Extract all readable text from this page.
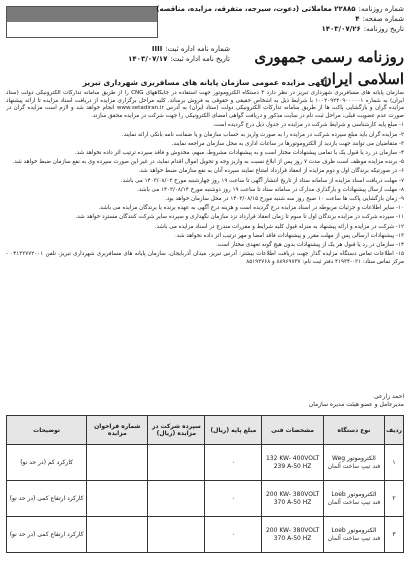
شماره روزنامه:۲۲۸۸۵ معاملاتی (دعوت، سیرجه، متفرقه، مزایده، مناقصه)
شماره صفحه:۴
تاریخ روزنامه:۱۴۰۳/۰۷/۲۶
شماره نامه اداره ثبت:IIII
تاریخ نامه اداره ثبت:۱۴۰۳/۰۷/۱۷	روزنامه رسمی جمهوری اسلامی ایران
آگهی مزایده عمومی سازمان پایانه های مسافربری شهرداری تبریز

سازمان پایانه های مسافربری شهرداری تبریز در نظر دارد ۳ دستگاه الکتروموتور جهت استفاده در جایگاههای CNG را از طریق سامانه تدارکات الکترونیکی دولت (ستاد ایران) به شماره ۱۰۰۲۰۹۲۴۰۹۰۰۰۰۰۱ با شرایط ذیل به اشخاص حقیقی و حقوقی به فروش برساند. کلیه مراحل برگزاری مزایده از دریافت اسناد مزایده تا ارائه پیشنهاد مزایده گران و بازگشایی پاکت ها از طریق سامانه تدارکات الکترونیکی دولت (ستاد ایران) به آدرس www.setadiran.ir انجام خواهد شد و لازم است مزایده گران در صورت عدم عضویت قبلی، مراحل ثبت نام در سایت مذکور و دریافت گواهی امضای الکترونیکی را جهت شرکت در مزایده محقق سازند.

۱- مبلغ پایه کارشناسی و شرایط شرکت در مزایده در جدول ذیل درج گردیده است.

۲- مزایده گران باید مبلغ سپرده شرکت در مزایده را به صورت واریز به حساب سازمان و یا ضمانت نامه بانکی ارائه نمایند.

۳- متقاضیان می توانند جهت بازدید از الکتروموتورها در ساعات اداری به محل سازمان مراجعه نمایند.

۴- سازمان در رد یا قبول یک یا تمامی پیشنهادات مختار است و به پیشنهادات مشروط، مبهم، مخدوش و فاقد سپرده ترتیب اثر داده نخواهد شد.

۵- برنده مزایده موظف است ظرف مدت ۷ روز پس از ابلاغ نسبت به واریز وجه و تحویل اموال اقدام نماید، در غیر این صورت سپرده وی به نفع سازمان ضبط خواهد شد.

۶- در صورتیکه برندگان اول و دوم مزایده از انعقاد قرارداد امتناع نمایند سپرده آنان به نفع سازمان ضبط خواهد شد.

۷- مهلت دریافت اسناد مزایده از سامانه ستاد از تاریخ انتشار آگهی تا ساعت ۱۹ روز چهارشنبه مورخ ۱۴۰۳/۰۸/۰۲ می باشد.

۸- مهلت ارسال پیشنهادات و بارگذاری مدارک در سامانه ستاد تا ساعت ۱۹ روز دوشنبه مورخ ۱۴۰۳/۰۸/۱۴ می باشد.

۹- زمان بازگشایی پاکت ها ساعت ۱۰ صبح روز سه شنبه مورخ ۱۴۰۳/۰۸/۱۵ در محل سازمان خواهد بود.

۱۰- سایر اطلاعات و جزئیات مربوطه در اسناد مزایده درج گردیده است و هزینه درج آگهی به عهده برنده یا برندگان مزایده می باشد.

۱۱- سپرده شرکت در مزایده برندگان اول تا سوم تا زمان انعقاد قرارداد نزد سازمان نگهداری و سپرده سایر شرکت کنندگان مسترد خواهد شد.

۱۲- شرکت در مزایده و ارائه پیشنهاد به منزله قبول کلیه شرایط و مقررات مندرج در اسناد مزایده می باشد.

۱۳- پیشنهادات ارسالی پس از مهلت مقرر و پیشنهادات فاقد امضا و مهر ترتیب اثر داده نخواهد شد.

۱۴- سازمان در رد یا قبول هر یک از پیشنهادات بدون هیچ گونه تعهدی مختار است.

۱۵- اطلاعات تماس دستگاه مزایده گذار جهت دریافت اطلاعات بیشتر: آدرس تبریز، میدان آذربایجان، سازمان پایانه های مسافربری شهرداری تبریز، تلفن ۰۴۱۳۲۷۷۲۰۰۱ - مرکز تماس ستاد: ۰۲۱-۴۱۹۳۴ دفتر ثبت نام: ۸۸۹۶۹۷۳۷ و ۸۵۱۹۳۷۶۸

احمد زارعی
مدیرعامل و عضو هیئت مدیره سازمان
ردیف	نوع دستگاه	مشخصات فنی	مبلغ پایه (ریال)	سپرده شرکت در مزایده (ریال)	شماره فراخوان مزایده	توضیحات
۱	الکتروموتور Weg
فند تیپ ساخت آلمان	132 KW- 400VOLT 239 A-50 HZ	۰			کارکرد کم (در حد نو)
۲	الکتروموتور Loeb
فند تیپ ساخت آلمان	200 KW- 380VOLT 370 A-50 HZ	۰			کارکرد ارتفاع کمی (در حد نو)
۳	الکتروموتور Loeb
فند تیپ ساخت آلمان	200 KW- 380VOLT 370 A-50 HZ	۰			کارکرد ارتفاع کمی (در حد نو)
